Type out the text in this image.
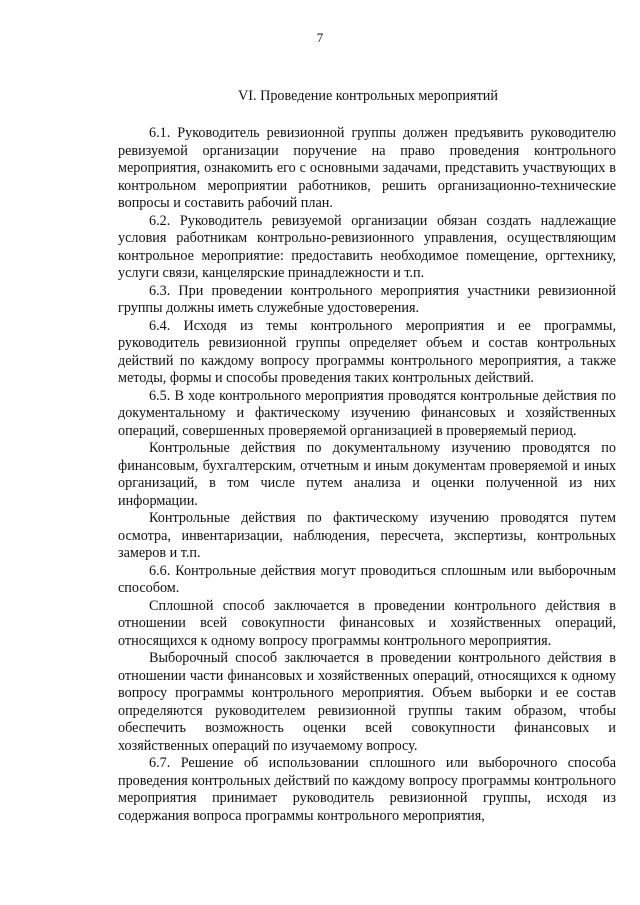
7
VI. Проведение контрольных мероприятий

6.1. Руководитель ревизионной группы должен предъявить руководителю ревизуемой организации поручение на право проведения контрольного мероприятия, ознакомить его с основными задачами, представить участвующих в контрольном мероприятии работников, решить организационно-технические вопросы и составить рабочий план.

6.2. Руководитель ревизуемой организации обязан создать надлежащие условия работникам контрольно-ревизионного управления, осуществляющим контрольное мероприятие: предоставить необходимое помещение, оргтехнику, услуги связи, канцелярские принадлежности и т.п.

6.3. При проведении контрольного мероприятия участники ревизионной группы должны иметь служебные удостоверения.

6.4. Исходя из темы контрольного мероприятия и ее программы, руководитель ревизионной группы определяет объем и состав контрольных действий по каждому вопросу программы контрольного мероприятия, а также методы, формы и способы проведения таких контрольных действий.

6.5. В ходе контрольного мероприятия проводятся контрольные действия по документальному и фактическому изучению финансовых и хозяйственных операций, совершенных проверяемой организацией в проверяемый период.

Контрольные действия по документальному изучению проводятся по финансовым, бухгалтерским, отчетным и иным документам проверяемой и иных организаций, в том числе путем анализа и оценки полученной из них информации.

Контрольные действия по фактическому изучению проводятся путем осмотра, инвентаризации, наблюдения, пересчета, экспертизы, контрольных замеров и т.п.

6.6. Контрольные действия могут проводиться сплошным или выборочным способом.

Сплошной способ заключается в проведении контрольного действия в отношении всей совокупности финансовых и хозяйственных операций, относящихся к одному вопросу программы контрольного мероприятия.

Выборочный способ заключается в проведении контрольного действия в отношении части финансовых и хозяйственных операций, относящихся к одному вопросу программы контрольного мероприятия. Объем выборки и ее состав определяются руководителем ревизионной группы таким образом, чтобы обеспечить возможность оценки всей совокупности финансовых и хозяйственных операций по изучаемому вопросу.

6.7. Решение об использовании сплошного или выборочного способа проведения контрольных действий по каждому вопросу программы контрольного мероприятия принимает руководитель ревизионной группы, исходя из содержания вопроса программы контрольного мероприятия,
